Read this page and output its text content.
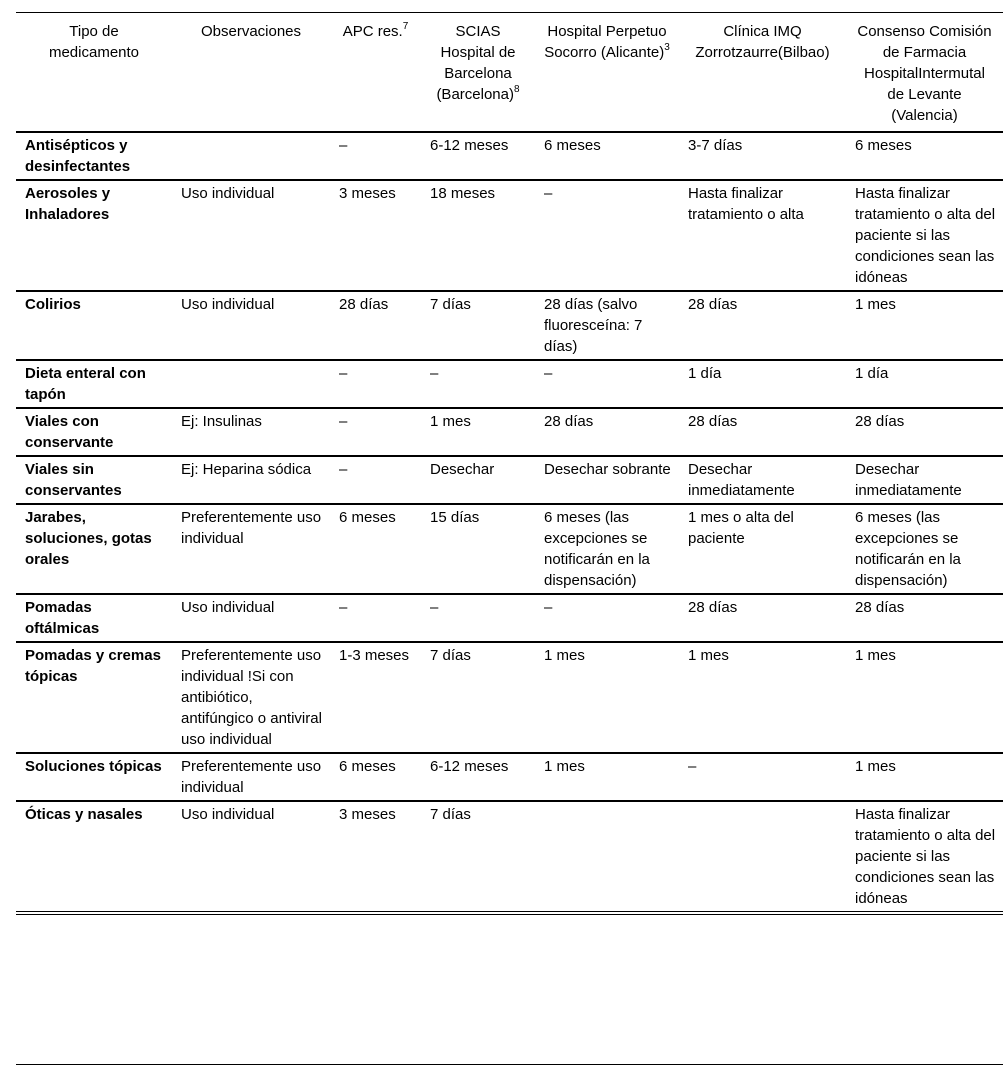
Tipo de medicamento	Observaciones	APC res.$^7$	SCIAS Hospital de Barcelona (Barcelona)$^8$	Hospital Perpetuo Socorro (Alicante)$^3$	Clínica IMQ Zorrotzaurre(Bilbao)	Consenso Comisión de Farmacia HospitalIntermutal de Levante (Valencia)
Antisépticos y desinfectantes		–	6-12 meses	6 meses	3-7 días	6 meses
Aerosoles y Inhaladores	Uso individual	3 meses	18 meses	–	Hasta finalizar tratamiento o alta	Hasta finalizar tratamiento o alta del paciente si las condiciones sean las idóneas
Colirios	Uso individual	28 días	7 días	28 días (salvo fluoresceína: 7 días)	28 días	1 mes
Dieta enteral con tapón		–	–	–	1 día	1 día
Viales con conservante	Ej: Insulinas	–	1 mes	28 días	28 días	28 días
Viales sin conservantes	Ej: Heparina sódica	–	Desechar	Desechar sobrante	Desechar inmediatamente	Desechar inmediatamente
Jarabes, soluciones, gotas orales	Preferentemente uso individual	6 meses	15 días	6 meses (las excepciones se notificarán en la dispensación)	1 mes o alta del paciente	6 meses (las excepciones se notificarán en la dispensación)
Pomadas oftálmicas	Uso individual	–	–	–	28 días	28 días
Pomadas y cremas tópicas	Preferentemente uso individual !Si con antibiótico, antifúngico o antiviral uso individual	1-3 meses	7 días	1 mes	1 mes	1 mes
Soluciones tópicas	Preferentemente uso individual	6 meses	6-12 meses	1 mes	–	1 mes
Óticas y nasales	Uso individual	3 meses	7 días			Hasta finalizar tratamiento o alta del paciente si las condiciones sean las idóneas
